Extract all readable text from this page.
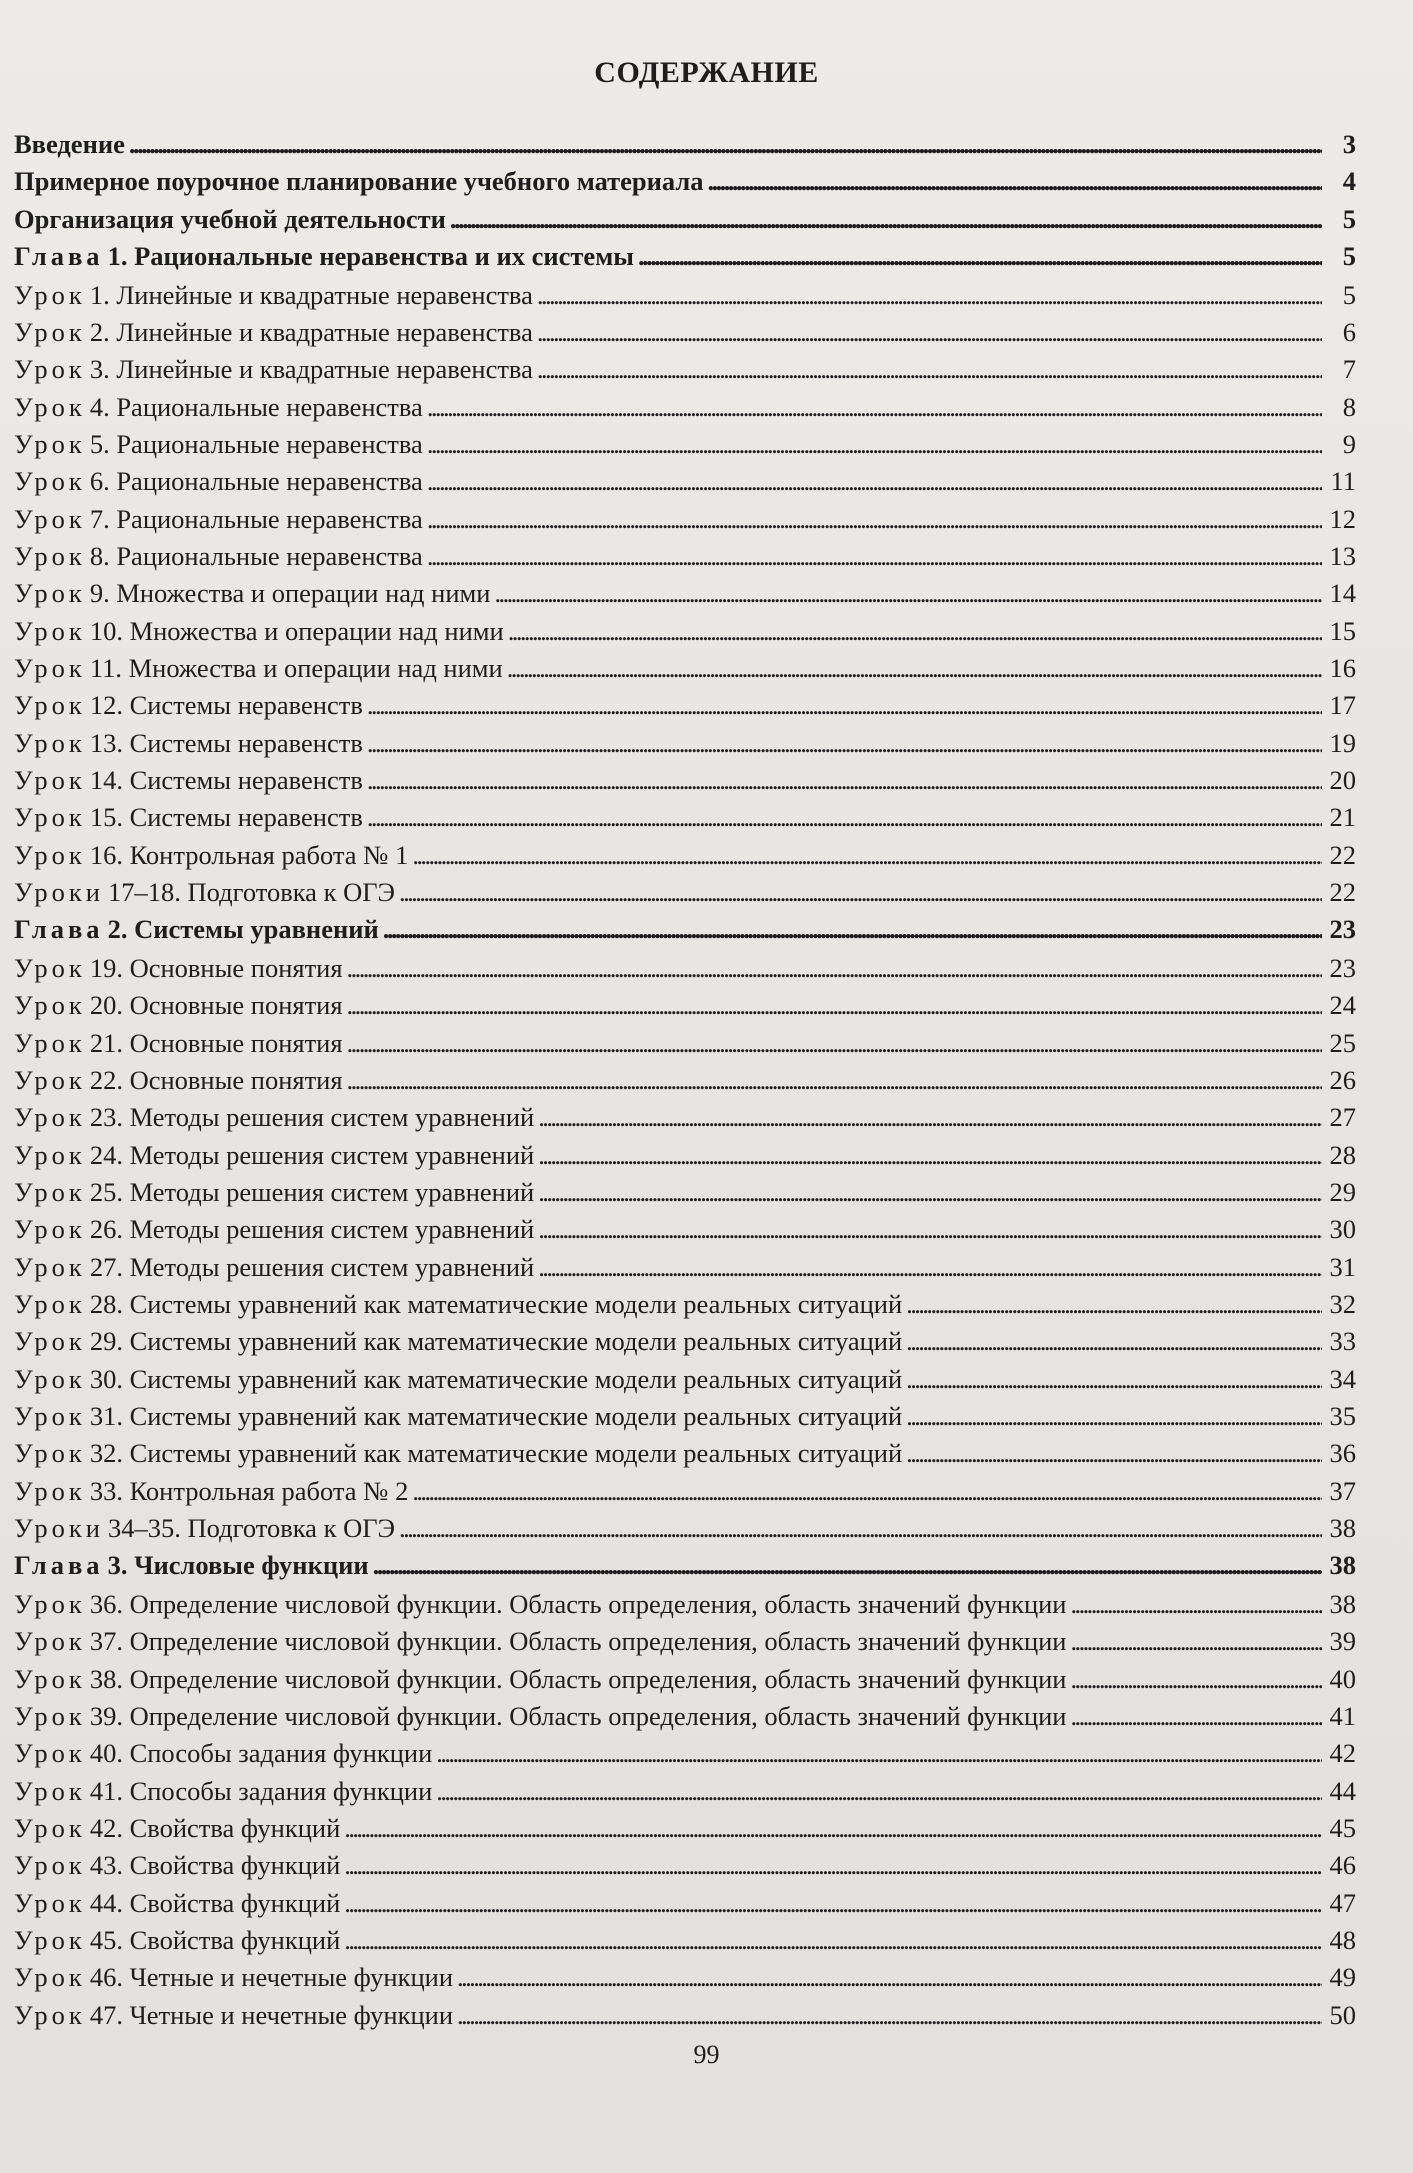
СОДЕРЖАНИЕ
Введение . . .	3
Примерное поурочное планирование учебного материала . . .	4
Организация учебной деятельности . . .	5
Глава 1. Рациональные неравенства и их системы . . .	5
Урок 1. Линейные и квадратные неравенства . . .	5
Урок 2. Линейные и квадратные неравенства . . .	6
Урок 3. Линейные и квадратные неравенства . . .	7
Урок 4. Рациональные неравенства . . .	8
Урок 5. Рациональные неравенства . . .	9
Урок 6. Рациональные неравенства . . .	11
Урок 7. Рациональные неравенства . . .	12
Урок 8. Рациональные неравенства . . .	13
Урок 9. Множества и операции над ними . . .	14
Урок 10. Множества и операции над ними . . .	15
Урок 11. Множества и операции над ними . . .	16
Урок 12. Системы неравенств . . .	17
Урок 13. Системы неравенств . . .	19
Урок 14. Системы неравенств . . .	20
Урок 15. Системы неравенств . . .	21
Урок 16. Контрольная работа № 1 . . .	22
Уроки 17–18. Подготовка к ОГЭ . . .	22
Глава 2. Системы уравнений . . .	23
Урок 19. Основные понятия . . .	23
Урок 20. Основные понятия . . .	24
Урок 21. Основные понятия . . .	25
Урок 22. Основные понятия . . .	26
Урок 23. Методы решения систем уравнений . . .	27
Урок 24. Методы решения систем уравнений . . .	28
Урок 25. Методы решения систем уравнений . . .	29
Урок 26. Методы решения систем уравнений . . .	30
Урок 27. Методы решения систем уравнений . . .	31
Урок 28. Системы уравнений как математические модели реальных ситуаций . . .	32
Урок 29. Системы уравнений как математические модели реальных ситуаций . . .	33
Урок 30. Системы уравнений как математические модели реальных ситуаций . . .	34
Урок 31. Системы уравнений как математические модели реальных ситуаций . . .	35
Урок 32. Системы уравнений как математические модели реальных ситуаций . . .	36
Урок 33. Контрольная работа № 2 . . .	37
Уроки 34–35. Подготовка к ОГЭ . . .	38
Глава 3. Числовые функции . . .	38
Урок 36. Определение числовой функции. Область определения, область значений функции . . .	38
Урок 37. Определение числовой функции. Область определения, область значений функции . . .	39
Урок 38. Определение числовой функции. Область определения, область значений функции . . .	40
Урок 39. Определение числовой функции. Область определения, область значений функции . . .	41
Урок 40. Способы задания функции . . .	42
Урок 41. Способы задания функции . . .	44
Урок 42. Свойства функций . . .	45
Урок 43. Свойства функций . . .	46
Урок 44. Свойства функций . . .	47
Урок 45. Свойства функций . . .	48
Урок 46. Четные и нечетные функции . . .	49
Урок 47. Четные и нечетные функции . . .	50
99
